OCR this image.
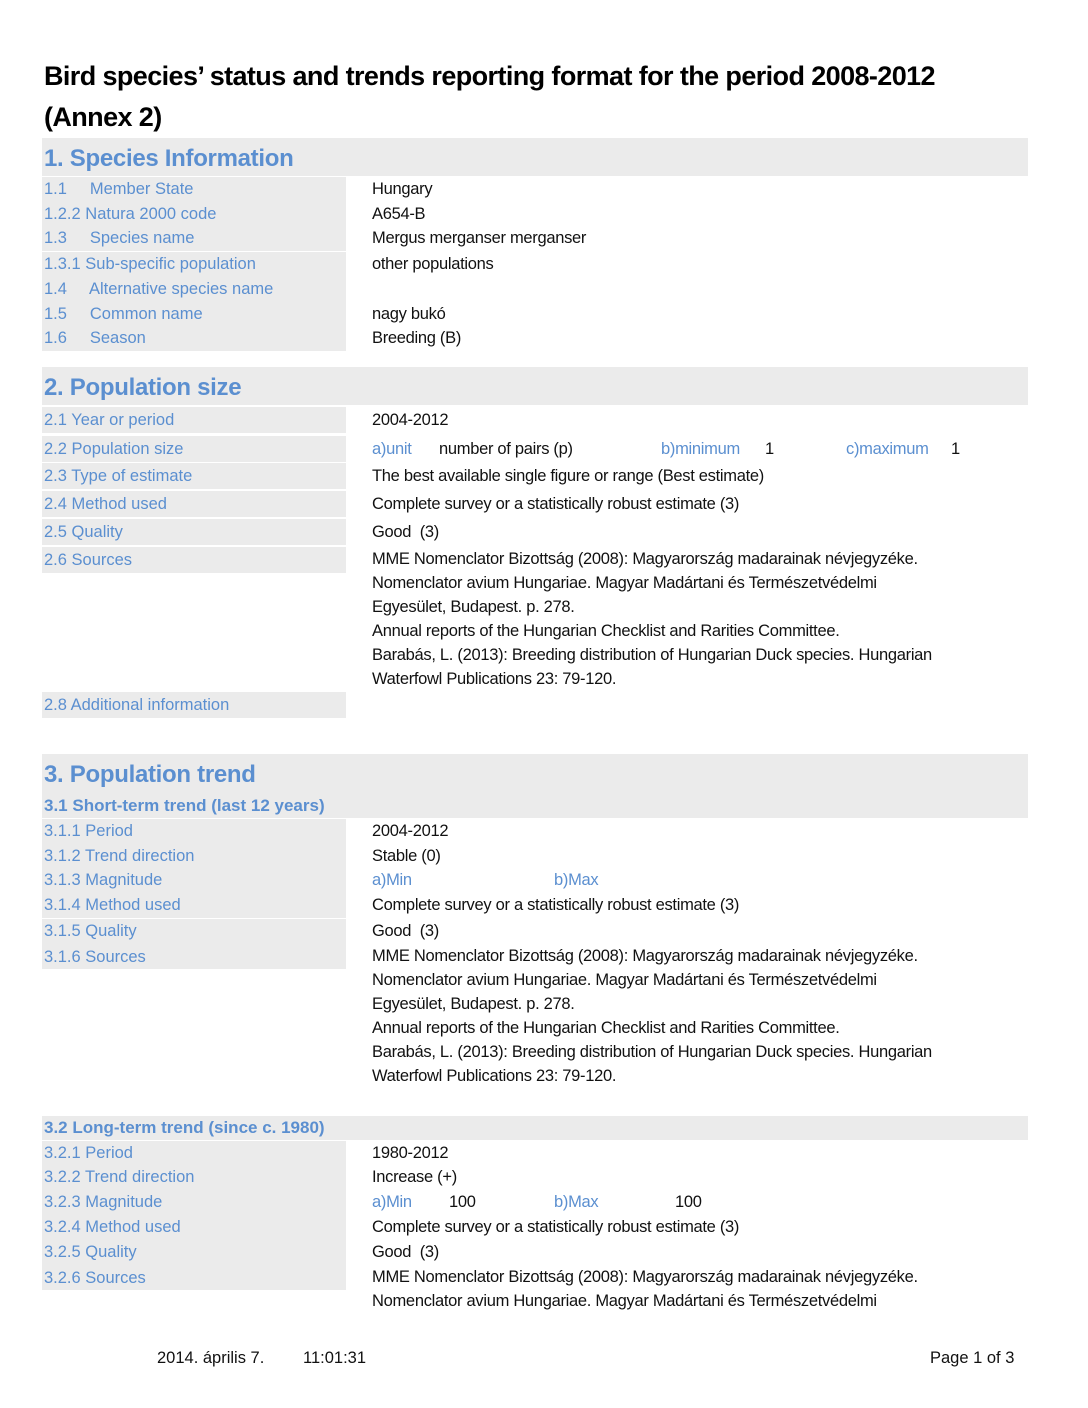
Bird species’ status and trends reporting format for the period 2008-2012
(Annex 2)
1. Species Information
1.1     Member State	Hungary
1.2.2 Natura 2000 code	A654-B
1.3     Species name	Mergus merganser merganser
1.3.1 Sub-specific population	other populations
1.4     Alternative species name
1.5     Common name	nagy bukó
1.6     Season	Breeding (B)
2. Population size
2.1 Year or period	2004-2012
2.2 Population size	a)unit number of pairs (p)	b)minimum 1	c)maximum 1
2.3 Type of estimate	The best available single figure or range (Best estimate)
2.4 Method used	Complete survey or a statistically robust estimate (3)
2.5 Quality	Good  (3)
2.6 Sources	MME Nomenclator Bizottság (2008): Magyarország madarainak névjegyzéke.
Nomenclator avium Hungariae. Magyar Madártani és Természetvédelmi
Egyesület, Budapest. p. 278.
Annual reports of the Hungarian Checklist and Rarities Committee.
Barabás, L. (2013): Breeding distribution of Hungarian Duck species. Hungarian
Waterfowl Publications 23: 79-120.
2.8 Additional information
3. Population trend
3.1 Short-term trend (last 12 years)
3.1.1 Period	2004-2012
3.1.2 Trend direction	Stable (0)
3.1.3 Magnitude	a)Min	b)Max
3.1.4 Method used	Complete survey or a statistically robust estimate (3)
3.1.5 Quality	Good  (3)
3.1.6 Sources	MME Nomenclator Bizottság (2008): Magyarország madarainak névjegyzéke.
Nomenclator avium Hungariae. Magyar Madártani és Természetvédelmi
Egyesület, Budapest. p. 278.
Annual reports of the Hungarian Checklist and Rarities Committee.
Barabás, L. (2013): Breeding distribution of Hungarian Duck species. Hungarian
Waterfowl Publications 23: 79-120.
3.2 Long-term trend (since c. 1980)
3.2.1 Period	1980-2012
3.2.2 Trend direction	Increase (+)
3.2.3 Magnitude	a)Min 100	b)Max	100
3.2.4 Method used	Complete survey or a statistically robust estimate (3)
3.2.5 Quality	Good  (3)
3.2.6 Sources	MME Nomenclator Bizottság (2008): Magyarország madarainak névjegyzéke.
Nomenclator avium Hungariae. Magyar Madártani és Természetvédelmi
2014. április 7. 11:01:31	Page 1 of 3
